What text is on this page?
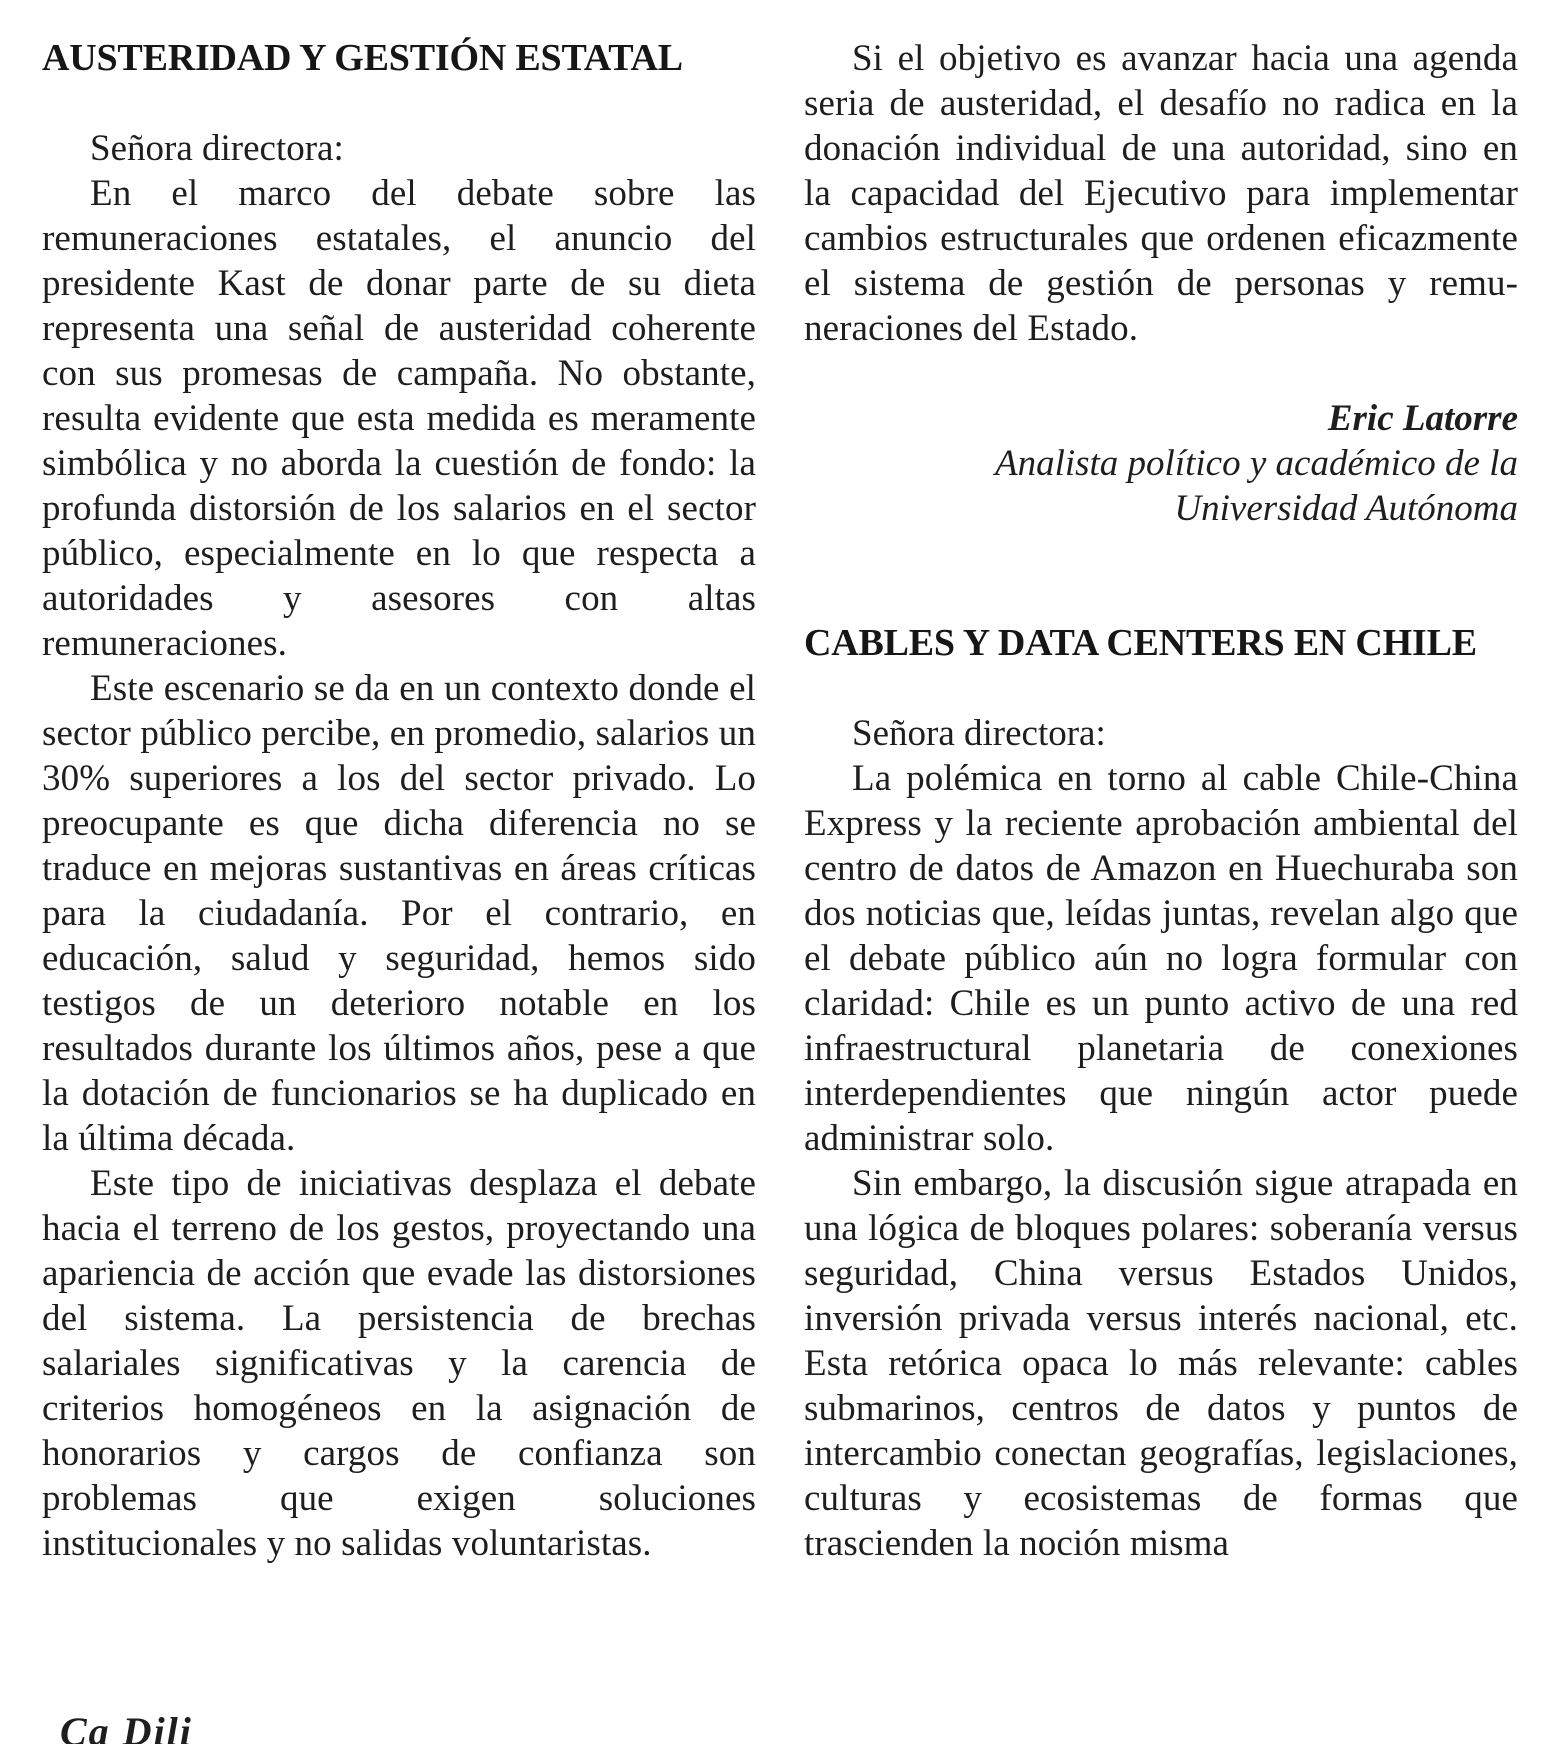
AUSTERIDAD Y GESTIÓN ESTATAL

Señora directora:

En el marco del debate sobre las remuneraciones estatales, el anuncio del presidente Kast de donar parte de su dieta representa una señal de austeridad coherente con sus promesas de campaña. No obstante, resulta evidente que esta medida es meramente simbólica y no aborda la cuestión de fondo: la profunda distorsión de los salarios en el sector público, especialmente en lo que respecta a autoridades y asesores con altas remuneraciones.

Este escenario se da en un contexto donde el sector público percibe, en promedio, salarios un 30% superiores a los del sector privado. Lo preocupante es que dicha diferencia no se traduce en mejoras sustantivas en áreas críticas para la ciudadanía. Por el contrario, en educación, salud y seguridad, hemos sido testigos de un deterioro notable en los resultados durante los últimos años, pese a que la dotación de funcionarios se ha duplicado en la última década.

Este tipo de iniciativas desplaza el debate hacia el terreno de los gestos, proyectando una apariencia de acción que evade las distorsiones del sistema. La persistencia de brechas salariales significativas y la carencia de criterios homogéneos en la asignación de honorarios y cargos de confianza son problemas que exigen soluciones institucionales y no salidas voluntaristas.

Si el objetivo es avanzar hacia una agenda seria de austeridad, el desafío no radica en la donación individual de una autoridad, sino en la capacidad del Ejecutivo para implementar cambios estructurales que ordenen eficazmente el sistema de gestión de personas y remuneraciones del Estado.

Eric Latorre

Analista político y académico de la

Universidad Autónoma

CABLES Y DATA CENTERS EN CHILE

Señora directora:

La polémica en torno al cable Chile-China Express y la reciente aprobación ambiental del centro de datos de Amazon en Huechuraba son dos noticias que, leídas juntas, revelan algo que el debate público aún no logra formular con claridad: Chile es un punto activo de una red infraestructural planetaria de conexiones interdependientes que ningún actor puede administrar solo.

Sin embargo, la discusión sigue atrapada en una lógica de bloques polares: soberanía versus seguridad, China versus Estados Unidos, inversión privada versus interés nacional, etc. Esta retórica opaca lo más relevante: cables submarinos, centros de datos y puntos de intercambio conectan geografías, legislaciones, culturas y ecosistemas de formas que trascienden la noción misma

Ca Dili
